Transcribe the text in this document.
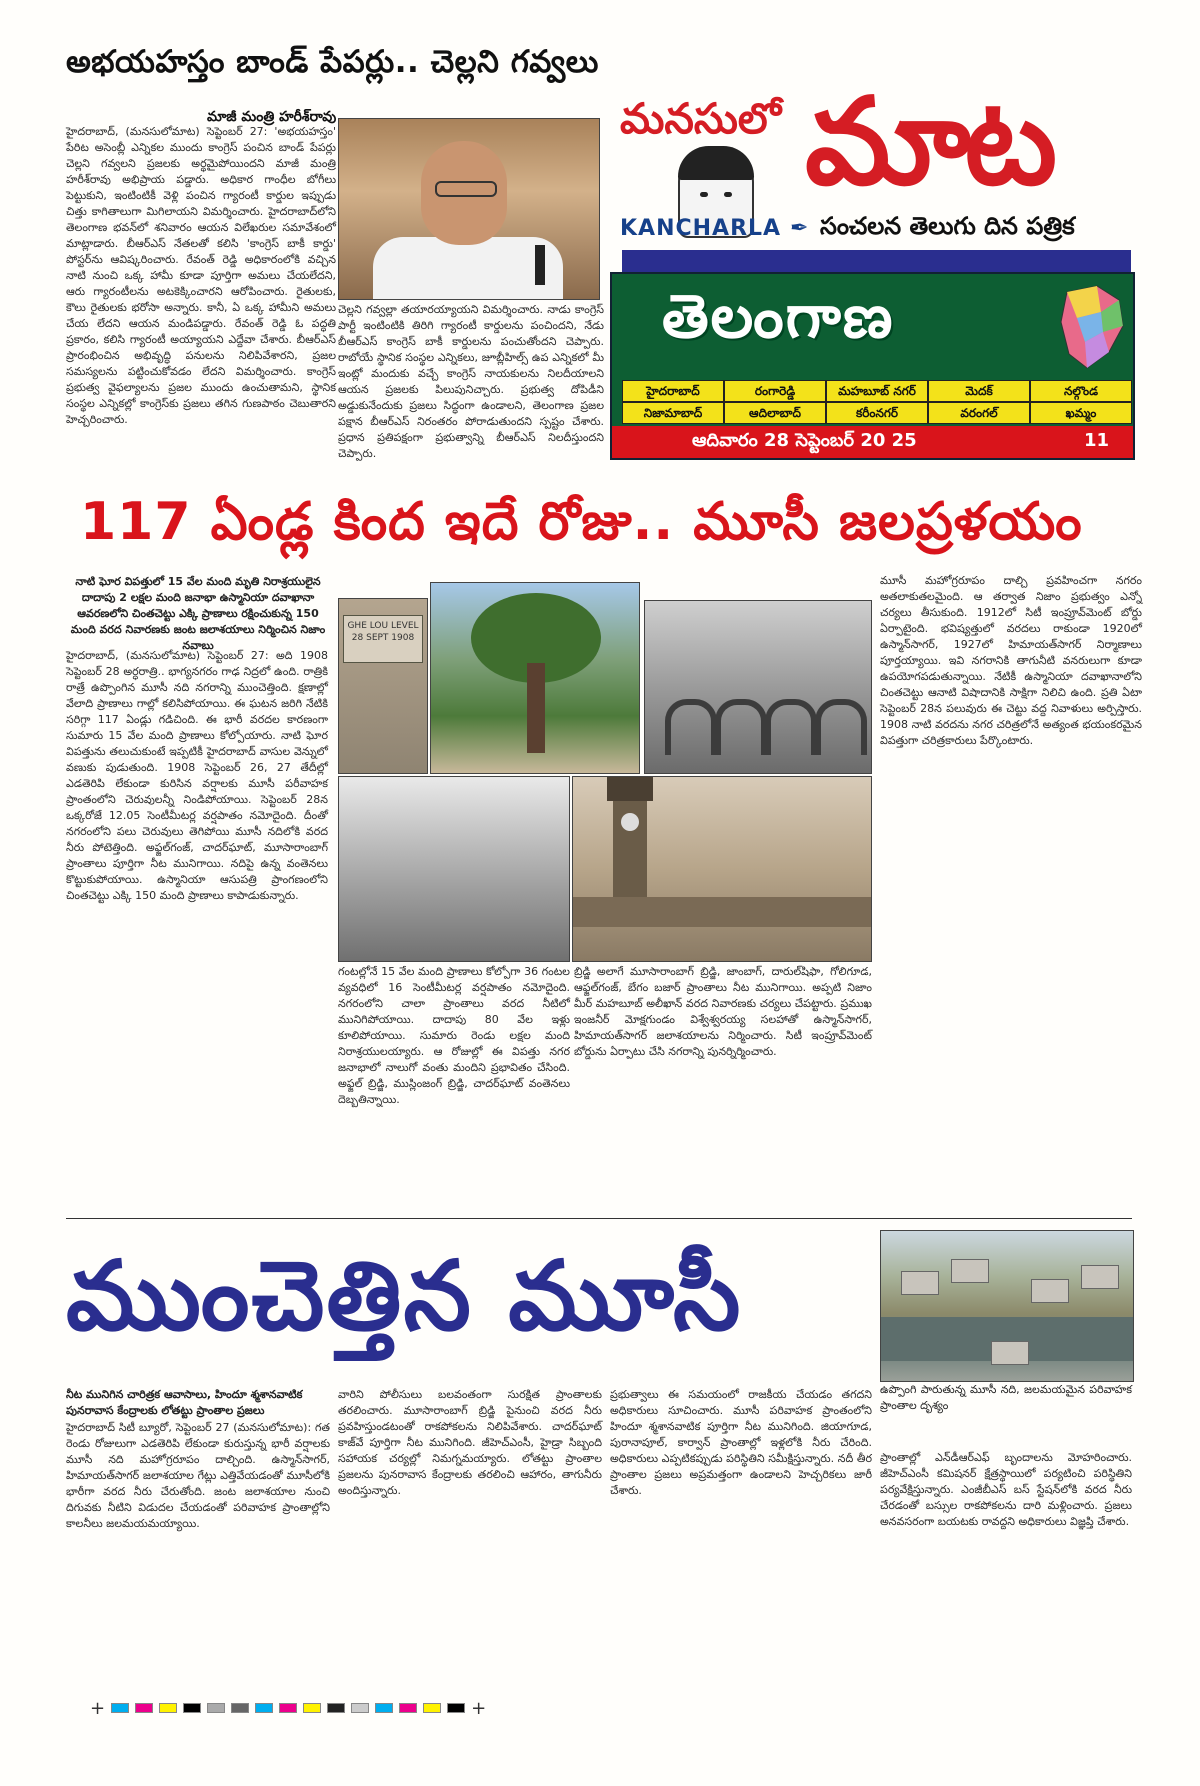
అభయహస్తం బాండ్ పేపర్లు.. చెల్లని గవ్వలు
మనసులో మాట
KANCHARLA ✒ సంచలన తెలుగు దిన పత్రిక
తెలంగాణ
హైదరాబాద్	రంగారెడ్డి	మహబూబ్ నగర్	మెదక్	నల్గొండ
నిజామాబాద్	ఆదిలాబాద్	కరీంనగర్	వరంగల్	ఖమ్మం
ఆదివారం 28 సెప్టెంబర్ 20 25	11
మాజీ మంత్రి హరీశ్‌రావు
హైదరాబాద్, (మనసులోమాట) సెప్టెంబర్ 27: 'అభయహస్తం' పేరిట అసెంబ్లీ ఎన్నికల ముందు కాంగ్రెస్ పంచిన బాండ్ పేపర్లు చెల్లని గవ్వలని ప్రజలకు అర్థమైపోయిందని మాజీ మంత్రి హరీశ్‌రావు అభిప్రాయ పడ్డారు. అధికార గాంధీల బోగీలు పెట్టుకుని, ఇంటింటికీ వెళ్లి పంచిన గ్యారంటీ కార్డుల ఇప్పుడు చిత్తు కాగితాలుగా మిగిలాయని విమర్శించారు. హైదరాబాద్‌లోని తెలంగాణ భవన్‌లో శనివారం ఆయన విలేఖరుల సమావేశంలో మాట్లాడారు. బీఆర్ఎస్ నేతలతో కలిసి 'కాంగ్రెస్ బాకీ కార్డు' పోస్టర్‌ను ఆవిష్కరించారు. రేవంత్ రెడ్డి అధికారంలోకి వచ్చిన నాటి నుంచి ఒక్క హామీ కూడా పూర్తిగా అమలు చేయలేదని, ఆరు గ్యారంటీలను అటకెక్కించారని ఆరోపించారు. రైతులకు, కౌలు రైతులకు భరోసా అన్నారు. కానీ, ఏ ఒక్క హామీని అమలు చేయ లేదని ఆయన మండిపడ్డారు. రేవంత్ రెడ్డి ఓ పద్ధతి ప్రకారం, కలిసి గ్యారంటీ అయ్యాయని ఎద్దేవా చేశారు. బీఆర్ఎస్ ప్రారంభించిన అభివృద్ధి పనులను నిలిపివేశారని, ప్రజల సమస్యలను పట్టించుకోవడం లేదని విమర్శించారు. కాంగ్రెస్ ప్రభుత్వ వైఫల్యాలను ప్రజల ముందు ఉంచుతామని, స్థానిక సంస్థల ఎన్నికల్లో కాంగ్రెస్‌కు ప్రజలు తగిన గుణపాఠం చెబుతారని హెచ్చరించారు.
చెల్లని గవ్వల్లా తయారయ్యాయని విమర్శించారు. నాడు కాంగ్రెస్ పార్టీ ఇంటింటికి తిరిగి గ్యారంటీ కార్డులను పంచిందని, నేడు బీఆర్ఎస్ కాంగ్రెస్ బాకీ కార్డులను పంచుతోందని చెప్పారు. రాబోయే స్థానిక సంస్థల ఎన్నికలు, జూబ్లీహిల్స్ ఉప ఎన్నికలో మీ ఇంట్లో మందుకు వచ్చే కాంగ్రెస్ నాయకులను నిలదీయాలని ఆయన ప్రజలకు పిలుపునిచ్చారు. ప్రభుత్వ దోపిడీని అడ్డుకునేందుకు ప్రజలు సిద్ధంగా ఉండాలని, తెలంగాణ ప్రజల పక్షాన బీఆర్ఎస్ నిరంతరం పోరాడుతుందని స్పష్టం చేశారు. ప్రధాన ప్రతిపక్షంగా ప్రభుత్వాన్ని బీఆర్ఎస్ నిలదీస్తుందని చెప్పారు.
117 ఏండ్ల కింద ఇదే రోజు.. మూసీ జలప్రళయం
నాటి ఘోర విపత్తులో 15 వేల మంది మృతి నిరాశ్రయులైన దాదాపు 2 లక్షల మంది జనాభా ఉస్మానియా దవాఖానా ఆవరణలోని చింతచెట్టు ఎక్కి ప్రాణాలు రక్షించుకున్న 150 మంది వరద నివారణకు జంట జలాశయాలు నిర్మించిన నిజాం నవాబు
హైదరాబాద్, (మనసులోమాట) సెప్టెంబర్ 27: అది 1908 సెప్టెంబర్ 28 అర్ధరాత్రి.. భాగ్యనగరం గాఢ నిద్రలో ఉంది. రాత్రికి రాత్రే ఉప్పొంగిన మూసీ నది నగరాన్ని ముంచెత్తింది. క్షణాల్లో వేలాది ప్రాణాలు గాల్లో కలిసిపోయాయి. ఈ ఘటన జరిగి నేటికి సరిగ్గా 117 ఏండ్లు గడిచింది. ఈ భారీ వరదల కారణంగా సుమారు 15 వేల మంది ప్రాణాలు కోల్పోయారు. నాటి ఘోర విపత్తును తలుచుకుంటే ఇప్పటికీ హైదరాబాద్ వాసుల వెన్నులో వణుకు పుడుతుంది. 1908 సెప్టెంబర్ 26, 27 తేదీల్లో ఎడతెరిపి లేకుండా కురిసిన వర్షాలకు మూసీ పరీవాహక ప్రాంతంలోని చెరువులన్నీ నిండిపోయాయి. సెప్టెంబర్ 28న ఒక్కరోజే 12.05 సెంటీమీటర్ల వర్షపాతం నమోదైంది. దీంతో నగరంలోని పలు చెరువులు తెగిపోయి మూసీ నదిలోకి వరద నీరు పోటెత్తింది. అఫ్జల్‌గంజ్, చాదర్‌ఘాట్, మూసారాంబాగ్ ప్రాంతాలు పూర్తిగా నీట మునిగాయి. నదిపై ఉన్న వంతెనలు కొట్టుకుపోయాయి. ఉస్మానియా ఆసుపత్రి ప్రాంగణంలోని చింతచెట్టు ఎక్కి 150 మంది ప్రాణాలు కాపాడుకున్నారు.
GHE LOU LEVEL 28 SEPT 1908
గంటల్లోనే 15 వేల మంది ప్రాణాలు కోల్పోగా 36 గంటల వ్యవధిలో 16 సెంటీమీటర్ల వర్షపాతం నమోదైంది. నగరంలోని చాలా ప్రాంతాలు వరద నీటిలో మునిగిపోయాయి. దాదాపు 80 వేల ఇళ్లు కూలిపోయాయి. సుమారు రెండు లక్షల మంది నిరాశ్రయులయ్యారు. ఆ రోజుల్లో ఈ విపత్తు నగర జనాభాలో నాలుగో వంతు మందిని ప్రభావితం చేసింది. అఫ్జల్ బ్రిడ్జి, ముస్లింజంగ్ బ్రిడ్జి, చాదర్‌ఘాట్ వంతెనలు దెబ్బతిన్నాయి.
బ్రిడ్జి అలాగే మూసారాంబాగ్ బ్రిడ్జి, జాంబాగ్, దారుల్‌షిఫా, గోలిగూడ, ఆఫ్జల్‌గంజ్, బేగం బజార్ ప్రాంతాలు నీట మునిగాయి. అప్పటి నిజాం మీర్ మహబూబ్ అలీఖాన్ వరద నివారణకు చర్యలు చేపట్టారు. ప్రముఖ ఇంజనీర్ మోక్షగుండం విశ్వేశ్వరయ్య సలహాతో ఉస్మాన్‌సాగర్, హిమాయత్‌సాగర్ జలాశయాలను నిర్మించారు. సిటీ ఇంప్రూవ్‌మెంట్ బోర్డును ఏర్పాటు చేసి నగరాన్ని పునర్నిర్మించారు.
మూసీ మహోగ్రరూపం దాల్చి ప్రవహించగా నగరం అతలాకుతలమైంది. ఆ తర్వాత నిజాం ప్రభుత్వం ఎన్నో చర్యలు తీసుకుంది. 1912లో సిటీ ఇంప్రూవ్‌మెంట్ బోర్డు ఏర్పాటైంది. భవిష్యత్తులో వరదలు రాకుండా 1920లో ఉస్మాన్‌సాగర్, 1927లో హిమాయత్‌సాగర్ నిర్మాణాలు పూర్తయ్యాయి. ఇవి నగరానికి తాగునీటి వనరులుగా కూడా ఉపయోగపడుతున్నాయి. నేటికీ ఉస్మానియా దవాఖానాలోని చింతచెట్టు ఆనాటి విషాదానికి సాక్షిగా నిలిచి ఉంది. ప్రతి ఏటా సెప్టెంబర్ 28న పలువురు ఈ చెట్టు వద్ద నివాళులు అర్పిస్తారు. 1908 నాటి వరదను నగర చరిత్రలోనే అత్యంత భయంకరమైన విపత్తుగా చరిత్రకారులు పేర్కొంటారు.
ముంచెత్తిన మూసీ
ఉప్పొంగి పారుతున్న మూసీ నది, జలమయమైన పరివాహక ప్రాంతాల దృశ్యం
నీట మునిగిన చారిత్రక ఆవాసాలు, హిందూ శ్మశానవాటిక పునరావాస కేంద్రాలకు లోతట్టు ప్రాంతాల ప్రజలు
హైదరాబాద్ సిటీ బ్యూరో, సెప్టెంబర్ 27 (మనసులోమాట): గత రెండు రోజులుగా ఎడతెరిపి లేకుండా కురుస్తున్న భారీ వర్షాలకు మూసీ నది మహోగ్రరూపం దాల్చింది. ఉస్మాన్‌సాగర్, హిమాయత్‌సాగర్ జలాశయాల గేట్లు ఎత్తివేయడంతో మూసీలోకి భారీగా వరద నీరు చేరుతోంది. జంట జలాశయాల నుంచి దిగువకు నీటిని విడుదల చేయడంతో పరివాహక ప్రాంతాల్లోని కాలనీలు జలమయమయ్యాయి.
వారిని పోలీసులు బలవంతంగా సురక్షిత ప్రాంతాలకు తరలించారు. మూసారాంబాగ్ బ్రిడ్జి పైనుంచి వరద నీరు ప్రవహిస్తుండటంతో రాకపోకలను నిలిపివేశారు. చాదర్‌ఘాట్ కాజ్‌వే పూర్తిగా నీట మునిగింది. జీహెచ్ఎంసీ, హైడ్రా సిబ్బంది సహాయక చర్యల్లో నిమగ్నమయ్యారు. లోతట్టు ప్రాంతాల ప్రజలను పునరావాస కేంద్రాలకు తరలించి ఆహారం, తాగునీరు అందిస్తున్నారు.
ప్రభుత్వాలు ఈ సమయంలో రాజకీయ చేయడం తగదని అధికారులు సూచించారు. మూసీ పరివాహక ప్రాంతంలోని హిందూ శ్మశానవాటిక పూర్తిగా నీట మునిగింది. జియాగూడ, పురానాపూల్, కార్వాన్ ప్రాంతాల్లో ఇళ్లలోకి నీరు చేరింది. అధికారులు ఎప్పటికప్పుడు పరిస్థితిని సమీక్షిస్తున్నారు. నదీ తీర ప్రాంతాల ప్రజలు అప్రమత్తంగా ఉండాలని హెచ్చరికలు జారీ చేశారు.
ప్రాంతాల్లో ఎన్‌డీఆర్ఎఫ్ బృందాలను మోహరించారు. జీహెచ్ఎంసీ కమిషనర్ క్షేత్రస్థాయిలో పర్యటించి పరిస్థితిని పర్యవేక్షిస్తున్నారు. ఎంజీబీఎస్ బస్ స్టేషన్‌లోకి వరద నీరు చేరడంతో బస్సుల రాకపోకలను దారి మళ్లించారు. ప్రజలు అనవసరంగా బయటకు రావద్దని అధికారులు విజ్ఞప్తి చేశారు.
+	+
